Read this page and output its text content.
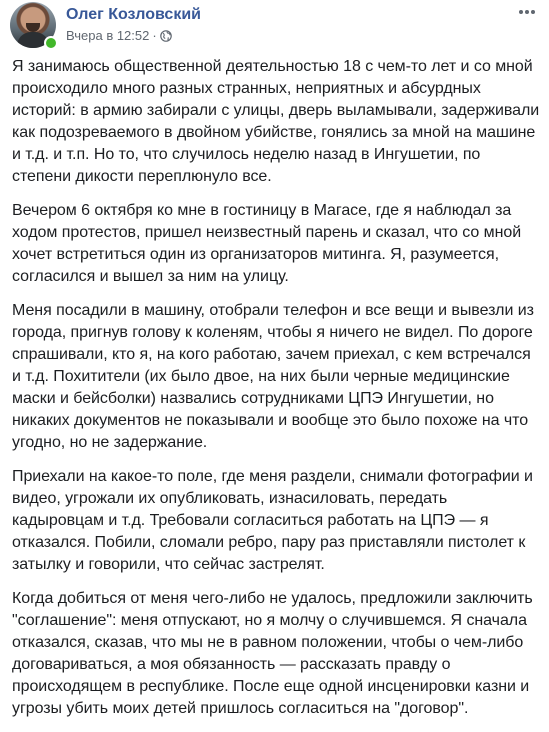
Олег Козловский
Вчера в 12:52 ·

Я занимаюсь общественной деятельностью 18 с чем-то лет и со мной происходило много разных странных, неприятных и абсурдных историй: в армию забирали с улицы, дверь выламывали, задерживали как подозреваемого в двойном убийстве, гонялись за мной на машине и т.д. и т.п. Но то, что случилось неделю назад в Ингушетии, по степени дикости переплюнуло все.

Вечером 6 октября ко мне в гостиницу в Магасе, где я наблюдал за ходом протестов, пришел неизвестный парень и сказал, что со мной хочет встретиться один из организаторов митинга. Я, разумеется, согласился и вышел за ним на улицу.

Меня посадили в машину, отобрали телефон и все вещи и вывезли из города, пригнув голову к коленям, чтобы я ничего не видел. По дороге спрашивали, кто я, на кого работаю, зачем приехал, с кем встречался и т.д. Похитители (их было двое, на них были черные медицинские маски и бейсболки) назвались сотрудниками ЦПЭ Ингушетии, но никаких документов не показывали и вообще это было похоже на что угодно, но не задержание.

Приехали на какое-то поле, где меня раздели, снимали фотографии и видео, угрожали их опубликовать, изнасиловать, передать кадыровцам и т.д. Требовали согласиться работать на ЦПЭ — я отказался. Побили, сломали ребро, пару раз приставляли пистолет к затылку и говорили, что сейчас застрелят.

Когда добиться от меня чего-либо не удалось, предложили заключить "соглашение": меня отпускают, но я молчу о случившемся. Я сначала отказался, сказав, что мы не в равном положении, чтобы о чем-либо договариваться, а моя обязанность — рассказать правду о происходящем в республике. После еще одной инсценировки казни и угрозы убить моих детей пришлось согласиться на "договор".
